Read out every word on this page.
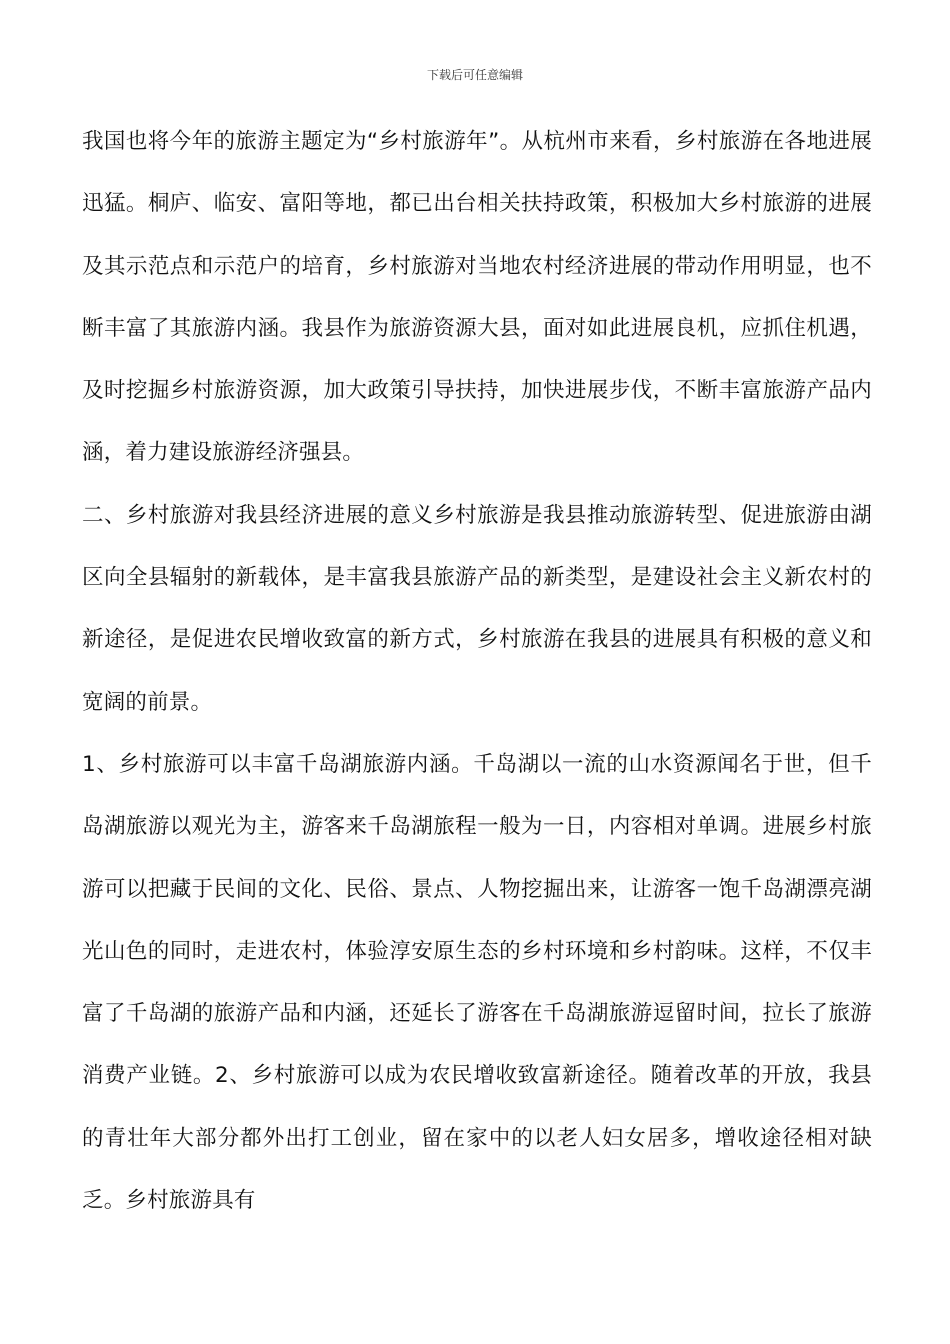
下载后可任意编辑

我国也将今年的旅游主题定为“乡村旅游年”。从杭州市来看，乡村旅游在各地进展迅猛。桐庐、临安、富阳等地，都已出台相关扶持政策，积极加大乡村旅游的进展及其示范点和示范户的培育，乡村旅游对当地农村经济进展的带动作用明显，也不断丰富了其旅游内涵。我县作为旅游资源大县，面对如此进展良机，应抓住机遇，及时挖掘乡村旅游资源，加大政策引导扶持，加快进展步伐，不断丰富旅游产品内涵，着力建设旅游经济强县。

二、乡村旅游对我县经济进展的意义乡村旅游是我县推动旅游转型、促进旅游由湖区向全县辐射的新载体，是丰富我县旅游产品的新类型，是建设社会主义新农村的新途径，是促进农民增收致富的新方式，乡村旅游在我县的进展具有积极的意义和宽阔的前景。

1、乡村旅游可以丰富千岛湖旅游内涵。千岛湖以一流的山水资源闻名于世，但千岛湖旅游以观光为主，游客来千岛湖旅程一般为一日，内容相对单调。进展乡村旅游可以把藏于民间的文化、民俗、景点、人物挖掘出来，让游客一饱千岛湖漂亮湖光山色的同时，走进农村，体验淳安原生态的乡村环境和乡村韵味。这样，不仅丰富了千岛湖的旅游产品和内涵，还延长了游客在千岛湖旅游逗留时间，拉长了旅游消费产业链。2、乡村旅游可以成为农民增收致富新途径。随着改革的开放，我县的青壮年大部分都外出打工创业，留在家中的以老人妇女居多，增收途径相对缺乏。乡村旅游具有
